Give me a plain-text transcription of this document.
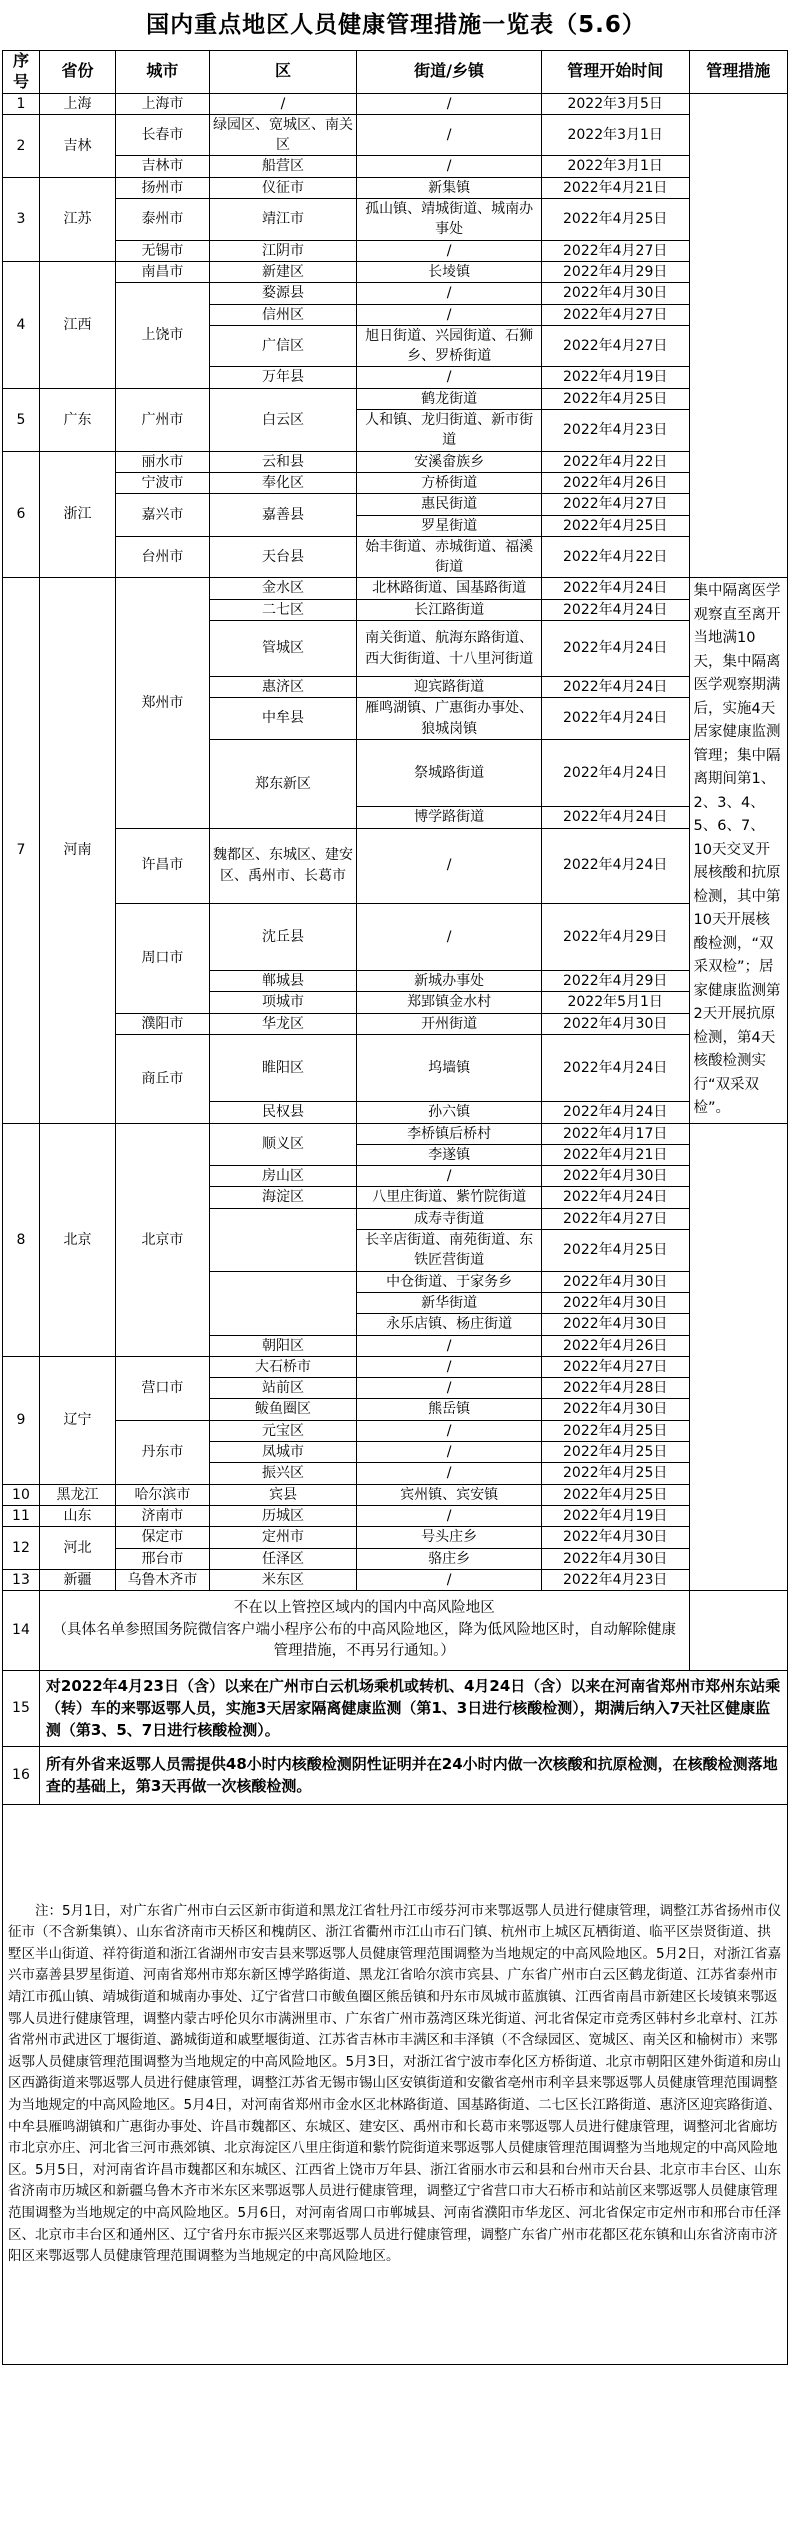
国内重点地区人员健康管理措施一览表（5.6）
序号	省份	城市	区	街道/乡镇	管理开始时间	管理措施
1	上海	上海市	/	/	2022年3月5日	
2	吉林	长春市	绿园区、宽城区、南关区	/	2022年3月1日	
		吉林市	船营区	/	2022年3月1日	
3	江苏	扬州市	仪征市	新集镇	2022年4月21日	
		泰州市	靖江市	孤山镇、靖城街道、城南办事处	2022年4月25日	
		无锡市	江阴市	/	2022年4月27日	
4	江西	南昌市	新建区	长堎镇	2022年4月29日	
		上饶市	婺源县	/	2022年4月30日	
			信州区	/	2022年4月27日	
			广信区	旭日街道、兴园街道、石狮乡、罗桥街道	2022年4月27日	
			万年县	/	2022年4月19日	
5	广东	广州市	白云区	鹤龙街道	2022年4月25日	
				人和镇、龙归街道、新市街道	2022年4月23日	
6	浙江	丽水市	云和县	安溪畲族乡	2022年4月22日	
		宁波市	奉化区	方桥街道	2022年4月26日	
		嘉兴市	嘉善县	惠民街道	2022年4月27日	
				罗星街道	2022年4月25日	
		台州市	天台县	始丰街道、赤城街道、福溪街道	2022年4月22日	
7	河南	郑州市	金水区	北林路街道、国基路街道	2022年4月24日	集中隔离医学观察直至离开当地满10天，集中隔离医学观察期满后，实施4天居家健康监测管理；集中隔离期间第1、2、3、4、5、6、7、10天交叉开展核酸和抗原检测，其中第10天开展核酸检测，“双采双检”；居家健康监测第2天开展抗原检测，第4天核酸检测实行“双采双检”。
			二七区	长江路街道	2022年4月24日	
			管城区	南关街道、航海东路街道、西大街街道、十八里河街道	2022年4月24日	
			惠济区	迎宾路街道	2022年4月24日	
			中牟县	雁鸣湖镇、广惠街办事处、狼城岗镇	2022年4月24日	
			郑东新区	祭城路街道	2022年4月24日	
				博学路街道	2022年4月24日	
		许昌市	魏都区、东城区、建安区、禹州市、长葛市	/	2022年4月24日	
		周口市	沈丘县	/	2022年4月29日	
			郸城县	新城办事处	2022年4月29日	
			项城市	郑郢镇金水村	2022年5月1日	
		濮阳市	华龙区	开州街道	2022年4月30日	
		商丘市	睢阳区	坞墙镇	2022年4月24日	
			民权县	孙六镇	2022年4月24日	
8	北京	北京市	顺义区	李桥镇后桥村	2022年4月17日	
				李遂镇	2022年4月21日	
			房山区	/	2022年4月30日	
			海淀区	八里庄街道、紫竹院街道	2022年4月24日	
				成寿寺街道	2022年4月27日	
				长辛店街道、南苑街道、东铁匠营街道	2022年4月25日	
				中仓街道、于家务乡	2022年4月30日	
				新华街道	2022年4月30日	
				永乐店镇、杨庄街道	2022年4月30日	
			朝阳区	/	2022年4月26日	
9	辽宁	营口市	大石桥市	/	2022年4月27日	
			站前区	/	2022年4月28日	
			鲅鱼圈区	熊岳镇	2022年4月30日	
		丹东市	元宝区	/	2022年4月25日	
			凤城市	/	2022年4月25日	
			振兴区	/	2022年4月25日	
10	黑龙江	哈尔滨市	宾县	宾州镇、宾安镇	2022年4月25日	
11	山东	济南市	历城区	/	2022年4月19日	
12	河北	保定市	定州市	号头庄乡	2022年4月30日	
		邢台市	任泽区	骆庄乡	2022年4月30日	
13	新疆	乌鲁木齐市	米东区	/	2022年4月23日	
14	不在以上管控区域内的国内中高风险地区
（具体名单参照国务院微信客户端小程序公布的中高风险地区，降为低风险地区时，自动解除健康管理措施，不再另行通知。）					
15	对2022年4月23日（含）以来在广州市白云机场乘机或转机、4月24日（含）以来在河南省郑州市郑州东站乘（转）车的来鄂返鄂人员，实施3天居家隔离健康监测（第1、3日进行核酸检测），期满后纳入7天社区健康监测（第3、5、7日进行核酸检测）。					
16	所有外省来返鄂人员需提供48小时内核酸检测阴性证明并在24小时内做一次核酸和抗原检测，在核酸检测落地查的基础上，第3天再做一次核酸检测。					
注：5月1日，对广东省广州市白云区新市街道和黑龙江省牡丹江市绥芬河市来鄂返鄂人员进行健康管理，调整江苏省扬州市仪征市（不含新集镇）、山东省济南市天桥区和槐荫区、浙江省衢州市江山市石门镇、杭州市上城区瓦栖街道、临平区崇贤街道、拱墅区半山街道、祥符街道和浙江省湖州市安吉县来鄂返鄂人员健康管理范围调整为当地规定的中高风险地区。5月2日，对浙江省嘉兴市嘉善县罗星街道、河南省郑州市郑东新区博学路街道、黑龙江省哈尔滨市宾县、广东省广州市白云区鹤龙街道、江苏省泰州市靖江市孤山镇、靖城街道和城南办事处、辽宁省营口市鲅鱼圈区熊岳镇和丹东市凤城市蓝旗镇、江西省南昌市新建区长堎镇来鄂返鄂人员进行健康管理，调整内蒙古呼伦贝尔市满洲里市、广东省广州市荔湾区珠光街道、河北省保定市竞秀区韩村乡北章村、江苏省常州市武进区丁堰街道、潞城街道和戚墅堰街道、江苏省吉林市丰满区和丰泽镇（不含绿园区、宽城区、南关区和榆树市）来鄂返鄂人员健康管理范围调整为当地规定的中高风险地区。5月3日，对浙江省宁波市奉化区方桥街道、北京市朝阳区建外街道和房山区西潞街道来鄂返鄂人员进行健康管理，调整江苏省无锡市锡山区安镇街道和安徽省亳州市利辛县来鄂返鄂人员健康管理范围调整为当地规定的中高风险地区。5月4日，对河南省郑州市金水区北林路街道、国基路街道、二七区长江路街道、惠济区迎宾路街道、中牟县雁鸣湖镇和广惠街办事处、许昌市魏都区、东城区、建安区、禹州市和长葛市来鄂返鄂人员进行健康管理，调整河北省廊坊市北京亦庄、河北省三河市燕郊镇、北京海淀区八里庄街道和紫竹院街道来鄂返鄂人员健康管理范围调整为当地规定的中高风险地区。5月5日，对河南省许昌市魏都区和东城区、江西省上饶市万年县、浙江省丽水市云和县和台州市天台县、北京市丰台区、山东省济南市历城区和新疆乌鲁木齐市米东区来鄂返鄂人员进行健康管理，调整辽宁省营口市大石桥市和站前区来鄂返鄂人员健康管理范围调整为当地规定的中高风险地区。5月6日，对河南省周口市郸城县、河南省濮阳市华龙区、河北省保定市定州市和邢台市任泽区、北京市丰台区和通州区、辽宁省丹东市振兴区来鄂返鄂人员进行健康管理，调整广东省广州市花都区花东镇和山东省济南市济阳区来鄂返鄂人员健康管理范围调整为当地规定的中高风险地区。						
